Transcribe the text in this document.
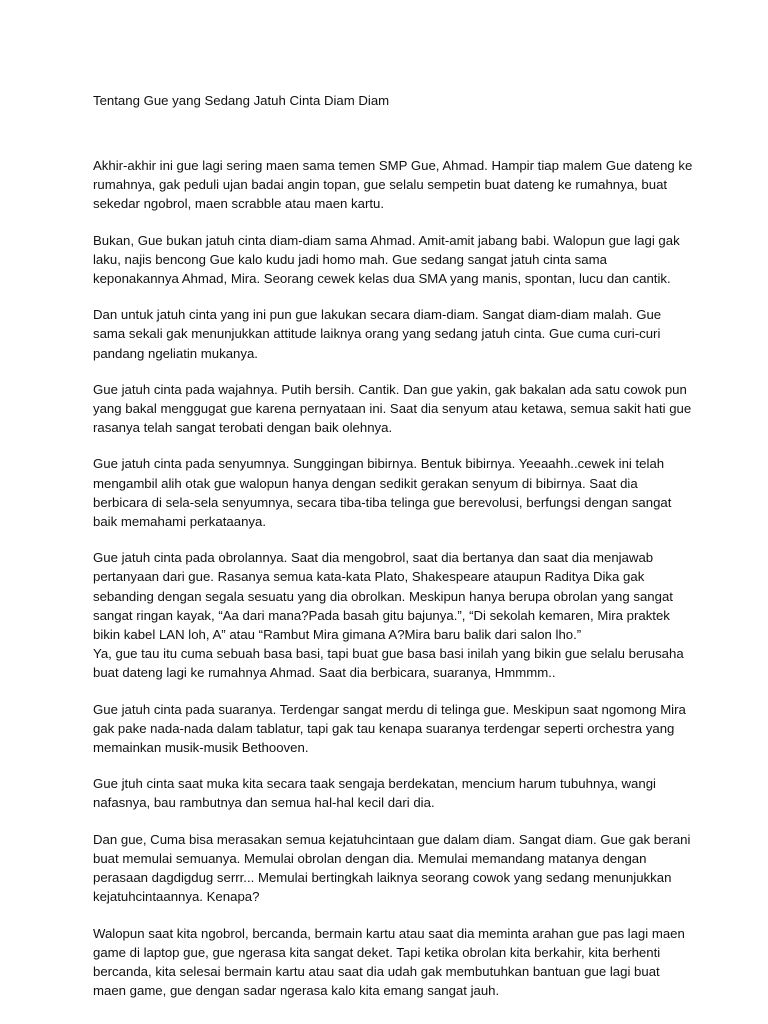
Tentang Gue yang Sedang Jatuh Cinta Diam Diam

Akhir-akhir ini gue lagi sering maen sama temen SMP Gue, Ahmad. Hampir tiap malem Gue dateng ke rumahnya, gak peduli ujan badai angin topan, gue selalu sempetin buat dateng ke rumahnya, buat sekedar ngobrol, maen scrabble atau maen kartu.

Bukan, Gue bukan jatuh cinta diam-diam sama Ahmad. Amit-amit jabang babi. Walopun gue lagi gak laku, najis bencong Gue kalo kudu jadi homo mah. Gue sedang sangat jatuh cinta sama keponakannya Ahmad, Mira. Seorang cewek kelas dua SMA yang manis, spontan, lucu dan cantik.

Dan untuk jatuh cinta yang ini pun gue lakukan secara diam-diam. Sangat diam-diam malah. Gue sama sekali gak menunjukkan attitude laiknya orang yang sedang jatuh cinta. Gue cuma curi-curi pandang ngeliatin mukanya.

Gue jatuh cinta pada wajahnya. Putih bersih. Cantik. Dan gue yakin, gak bakalan ada satu cowok pun yang bakal menggugat gue karena pernyataan ini. Saat dia senyum atau ketawa, semua sakit hati gue rasanya telah sangat terobati dengan baik olehnya.

Gue jatuh cinta pada senyumnya. Sunggingan bibirnya. Bentuk bibirnya. Yeeaahh..cewek ini telah mengambil alih otak gue walopun hanya dengan sedikit gerakan senyum di bibirnya. Saat dia berbicara di sela-sela senyumnya, secara tiba-tiba telinga gue berevolusi, berfungsi dengan sangat baik memahami perkataanya.

Gue jatuh cinta pada obrolannya. Saat dia mengobrol, saat dia bertanya dan saat dia menjawab pertanyaan dari gue. Rasanya semua kata-kata Plato, Shakespeare ataupun Raditya Dika gak sebanding dengan segala sesuatu yang dia obrolkan. Meskipun hanya berupa obrolan yang sangat sangat ringan kayak, “Aa dari mana?Pada basah gitu bajunya.”, “Di sekolah kemaren, Mira praktek bikin kabel LAN loh, A” atau “Rambut Mira gimana A?Mira baru balik dari salon lho.”
Ya, gue tau itu cuma sebuah basa basi, tapi buat gue basa basi inilah yang bikin gue selalu berusaha buat dateng lagi ke rumahnya Ahmad. Saat dia berbicara, suaranya, Hmmmm..

Gue jatuh cinta pada suaranya. Terdengar sangat merdu di telinga gue. Meskipun saat ngomong Mira gak pake nada-nada dalam tablatur, tapi gak tau kenapa suaranya terdengar seperti orchestra yang memainkan musik-musik Bethooven.

Gue jtuh cinta saat muka kita secara taak sengaja berdekatan, mencium harum tubuhnya, wangi nafasnya, bau rambutnya dan semua hal-hal kecil dari dia.

Dan gue, Cuma bisa merasakan semua kejatuhcintaan gue dalam diam. Sangat diam. Gue gak berani buat memulai semuanya. Memulai obrolan dengan dia. Memulai memandang matanya dengan perasaan dagdigdug serrr... Memulai bertingkah laiknya seorang cowok yang sedang menunjukkan kejatuhcintaannya. Kenapa?

Walopun saat kita ngobrol, bercanda, bermain kartu atau saat dia meminta arahan gue pas lagi maen game di laptop gue, gue ngerasa kita sangat deket. Tapi ketika obrolan kita berkahir, kita berhenti bercanda, kita selesai bermain kartu atau saat dia udah gak membutuhkan bantuan gue lagi buat maen game, gue dengan sadar ngerasa kalo kita emang sangat jauh.
